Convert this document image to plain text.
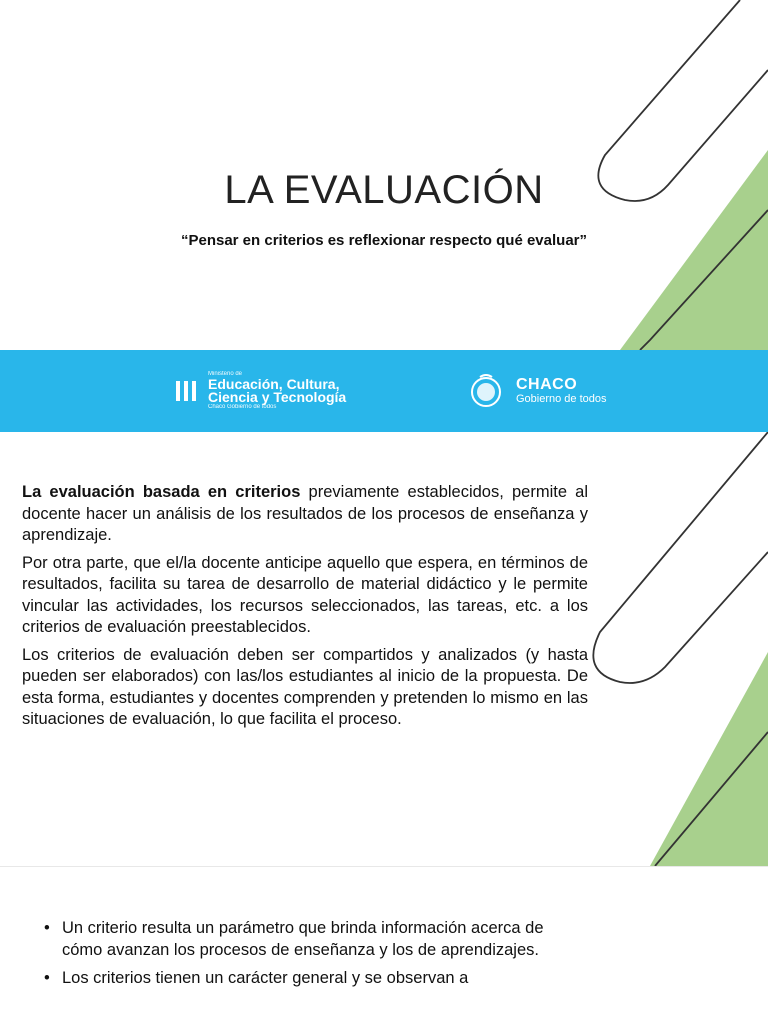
LA EVALUACIÓN

“Pensar en criterios es reflexionar respecto qué evaluar”

Ministerio de
Educación, Cultura,
Ciencia y Tecnología
Chaco Gobierno de todos
CHACO
Gobierno de todos

La evaluación basada en criterios previamente establecidos, permite al docente hacer un análisis de los resultados de los procesos de enseñanza y aprendizaje.

Por otra parte, que el/la docente anticipe aquello que espera, en términos de resultados, facilita su tarea de desarrollo de material didáctico y le permite vincular las actividades, los recursos seleccionados, las tareas, etc. a los criterios de evaluación preestablecidos.

Los criterios de evaluación deben ser compartidos y analizados (y hasta pueden ser elaborados) con las/los estudiantes al inicio de la propuesta. De esta forma, estudiantes y docentes comprenden y pretenden lo mismo en las situaciones de evaluación, lo que facilita el proceso.

• Un criterio resulta un parámetro que brinda información acerca de cómo avanzan los procesos de enseñanza y los de aprendizajes.
• Los criterios tienen un carácter general y se observan a
